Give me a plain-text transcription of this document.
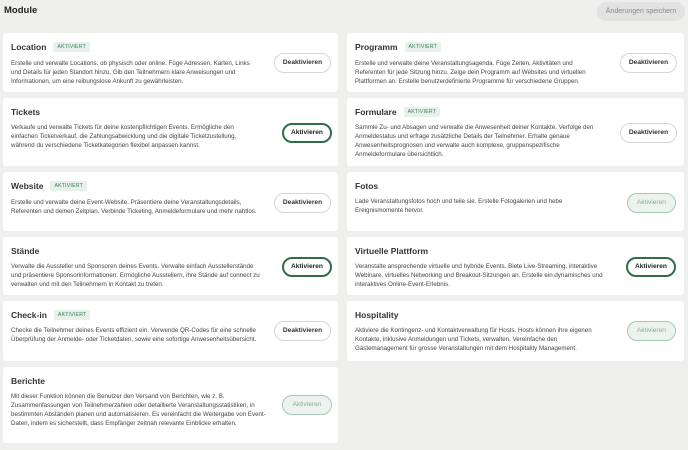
Module	Änderungen speichern
Location	AKTIVIERT
Erstelle und verwalte Locations, ob physisch oder online. Füge Adressen, Karten, Links und Details für jeden Standort hinzu. Gib den Teilnehmern klare Anweisungen und Informationen, um eine reibungslose Ankunft zu gewährleisten.
Deaktivieren
Programm	AKTIVIERT
Erstelle und verwalte deine Veranstaltungsagenda. Füge Zeiten, Aktivitäten und Referenten für jede Sitzung hinzu. Zeige dein Programm auf Websites und virtuellen Plattformen an. Erstelle benutzerdefinierte Programme für verschiedene Gruppen.
Deaktivieren
Tickets
Verkaufe und verwalte Tickets für deine kostenpflichtigen Events. Ermögliche den einfachen Ticketverkauf, die Zahlungsabwicklung und die digitale Ticketzustellung, während du verschiedene Ticketkategorien flexibel anpassen kannst.
Aktivieren
Formulare	AKTIVIERT
Sammle Zu- und Absagen und verwalte die Anwesenheit deiner Kontakte. Verfolge den Anmeldestatus und erfrage zusätzliche Details der Teilnehmer. Erhalte genaue Anwesenheitsprognosen und verwalte auch komplexe, gruppenspezifische Anmeldeformulare übersichtlich.
Deaktivieren
Website	AKTIVIERT
Erstelle und verwalte deine Event-Website. Präsentiere deine Veranstaltungsdetails, Referenten und deinen Zeitplan. Verbinde Ticketing, Anmeldeformulare und mehr nahtlos.
Deaktivieren
Fotos
Lade Veranstaltungsfotos hoch und teile sie. Erstelle Fotogalerien und hebe Ereignismomente hervor.
Aktivieren
Stände
Verwalte die Aussteller und Sponsoren deines Events. Verwalte einfach Ausstellerstände und präsentiere Sponsorinformationen. Ermögliche Ausstellern, ihre Stände auf connect zu verwalten und mit den Teilnehmern in Kontakt zu treten.
Aktivieren
Virtuelle Plattform
Veranstalte ansprechende virtuelle und hybride Events. Biete Live-Streaming, interaktive Webinare, virtuelles Networking und Breakout-Sitzungen an. Erstelle ein dynamisches und interaktives Online-Event-Erlebnis.
Aktivieren
Check-in	AKTIVIERT
Checke die Teilnehmer deines Events effizient ein. Verwende QR-Codes für eine schnelle Überprüfung der Anmelde- oder Ticketdaten, sowie eine sofortige Anwesenheitsübersicht.
Deaktivieren
Hospitality
Aktiviere die Kontingenz- und Kontaktverwaltung für Hosts. Hosts können ihre eigenen Kontakte, inklusive Anmeldungen und Tickets, verwalten. Vereinfache den Gästemanagement für grosse Veranstaltungen mit dem Hospitality Management.
Aktivieren
Berichte
Mit dieser Funktion können die Benutzer den Versand von Berichten, wie z. B. Zusammenfassungen von Teilnehmerzahlen oder detaillierte Veranstaltungsstatistiken, in bestimmten Abständen planen und automatisieren. Es vereinfacht die Weitergabe von Event-Daten, indem es sicherstellt, dass Empfänger zeitnah relevante Einblicke erhalten.
Aktivieren
